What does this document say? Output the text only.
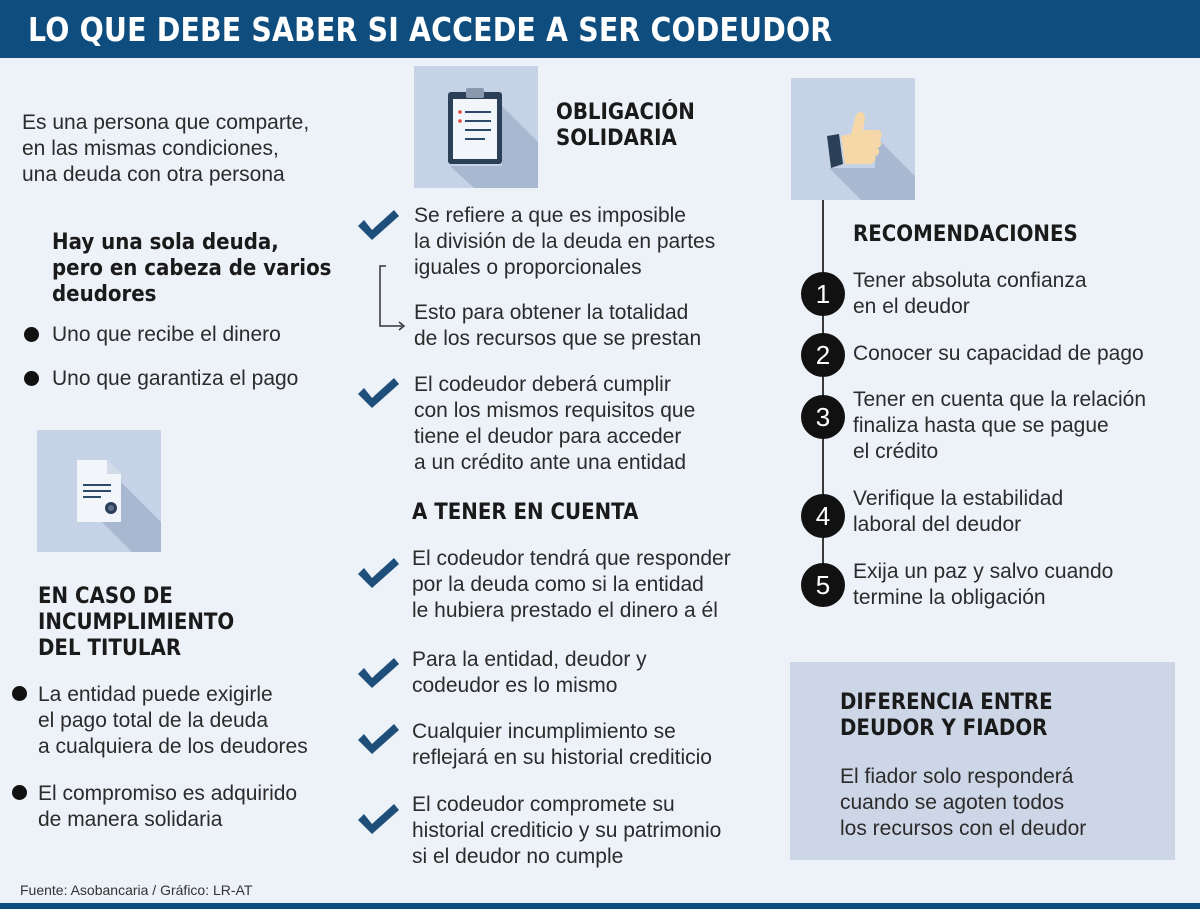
LO QUE DEBE SABER SI ACCEDE A SER CODEUDOR
Es una persona que comparte,
en las mismas condiciones,
una deuda con otra persona
Hay una sola deuda,
pero en cabeza de varios
deudores
Uno que recibe el dinero
Uno que garantiza el pago
EN CASO DE
INCUMPLIMIENTO
DEL TITULAR
La entidad puede exigirle
el pago total de la deuda
a cualquiera de los deudores
El compromiso es adquirido
de manera solidaria
OBLIGACIÓN
SOLIDARIA
Se refiere a que es imposible
la división de la deuda en partes
iguales o proporcionales
Esto para obtener la totalidad
de los recursos que se prestan
El codeudor deberá cumplir
con los mismos requisitos que
tiene el deudor para acceder
a un crédito ante una entidad
A TENER EN CUENTA
El codeudor tendrá que responder
por la deuda como si la entidad
le hubiera prestado el dinero a él
Para la entidad, deudor y
codeudor es lo mismo
Cualquier incumplimiento se
reflejará en su historial crediticio
El codeudor compromete su
historial crediticio y su patrimonio
si el deudor no cumple
RECOMENDACIONES
1	Tener absoluta confianza
en el deudor
2	Conocer su capacidad de pago
3
Tener en cuenta que la relación
finaliza hasta que se pague
el crédito
4
Verifique la estabilidad
laboral del deudor
5	Exija un paz y salvo cuando
termine la obligación
DIFERENCIA ENTRE
DEUDOR Y FIADOR
El fiador solo responderá
cuando se agoten todos
los recursos con el deudor
Fuente: Asobancaria / Gráfico: LR-AT
